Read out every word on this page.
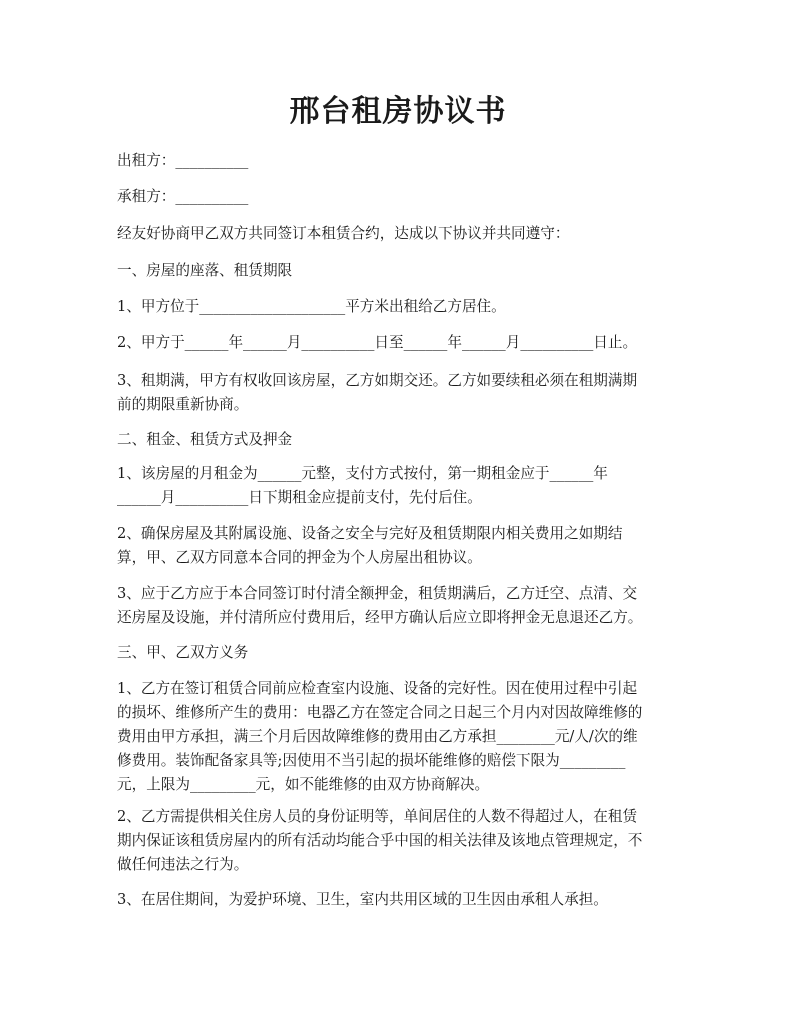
邢台租房协议书

出租方：__________

承租方：__________

经友好协商甲乙双方共同签订本租赁合约，达成以下协议并共同遵守：

一、房屋的座落、租赁期限

1、甲方位于____________________平方米出租给乙方居住。

2、甲方于______年______月__________日至______年______月__________日止。

3、租期满，甲方有权收回该房屋，乙方如期交还。乙方如要续租必须在租期满期
前的期限重新协商。

二、租金、租赁方式及押金

1、该房屋的月租金为______元整，支付方式按付，第一期租金应于______年
______月__________日下期租金应提前支付，先付后住。
2、确保房屋及其附属设施、设备之安全与完好及租赁期限内相关费用之如期结
算，甲、乙双方同意本合同的押金为个人房屋出租协议。
3、应于乙方应于本合同签订时付清全额押金，租赁期满后，乙方迁空、点清、交
还房屋及设施，并付清所应付费用后，经甲方确认后应立即将押金无息退还乙方。

三、甲、乙双方义务

1、乙方在签订租赁合同前应检查室内设施、设备的完好性。因在使用过程中引起
的损坏、维修所产生的费用：电器乙方在签定合同之日起三个月内对因故障维修的
费用由甲方承担，满三个月后因故障维修的费用由乙方承担________元/人/次的维
修费用。装饰配备家具等;因使用不当引起的损坏能维修的赔偿下限为_________
元，上限为_________元，如不能维修的由双方协商解决。
2、乙方需提供相关住房人员的身份证明等，单间居住的人数不得超过人，在租赁
期内保证该租赁房屋内的所有活动均能合乎中国的相关法律及该地点管理规定，不
做任何违法之行为。

3、在居住期间，为爱护环境、卫生，室内共用区域的卫生因由承租人承担。
